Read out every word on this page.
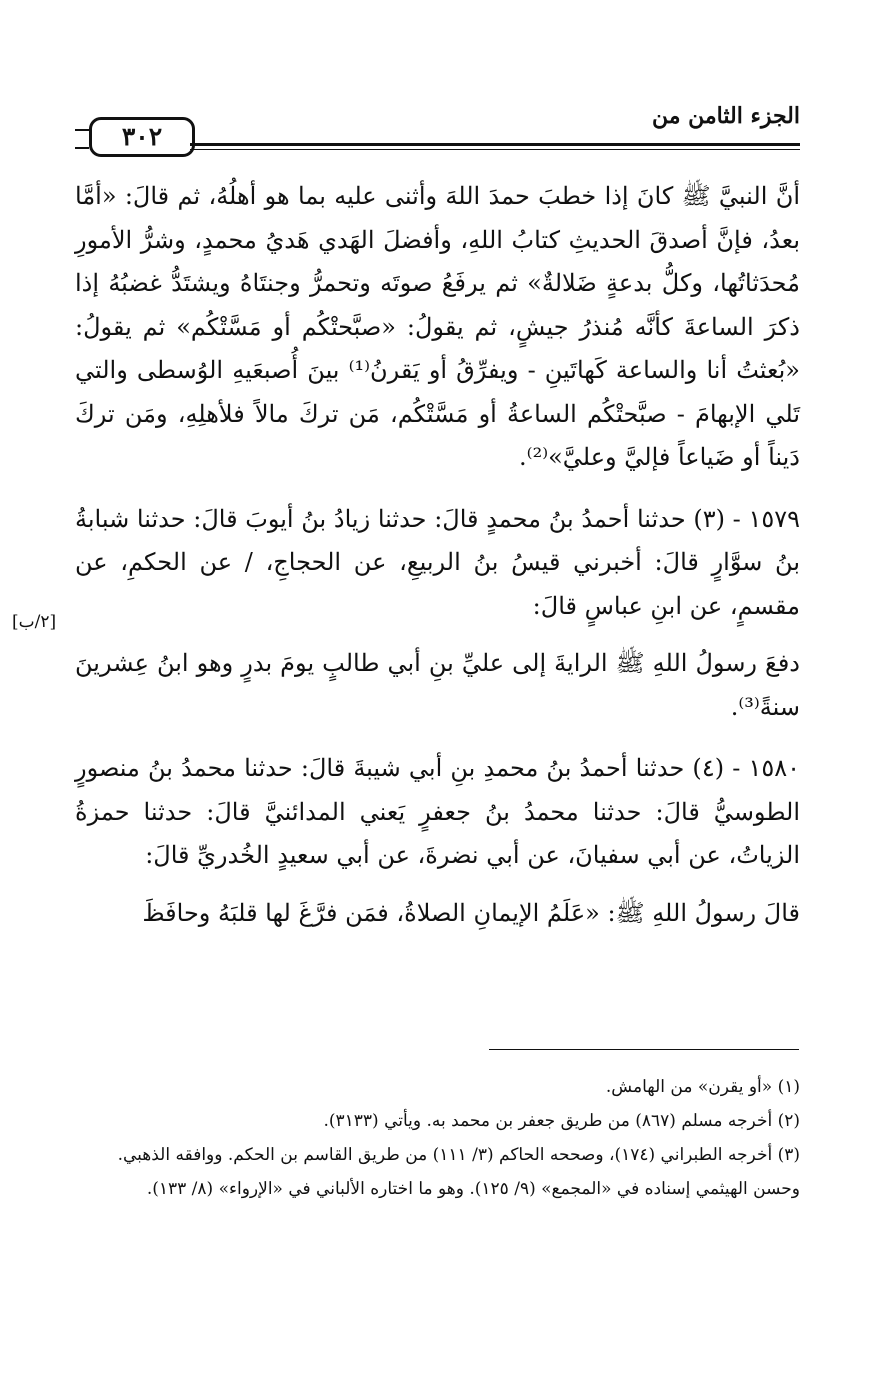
٣٠٢
الجزء الثامن من
[٢/ب]

أنَّ النبيَّ ﷺ كانَ إذا خطبَ حمدَ اللهَ وأثنى عليه بما هو أهلُهُ، ثم قالَ: «أمَّا بعدُ، فإنَّ أصدقَ الحديثِ كتابُ اللهِ، وأفضلَ الهَدي هَديُ محمدٍ، وشرُّ الأمورِ مُحدَثاتُها، وكلُّ بدعةٍ ضَلالةٌ» ثم يرفَعُ صوتَه وتحمرُّ وجنتَاهُ ويشتَدُّ غضبُهُ إذا ذكرَ الساعةَ كأنَّه مُنذرُ جيشٍ، ثم يقولُ: «صبَّحتْكُم أو مَسَّتْكُم» ثم يقولُ: «بُعثتُ أنا والساعة كَهاتَينِ - ويفرِّقُ أو يَقرنُ⁽¹⁾ بينَ أُصبعَيهِ الوُسطى والتي تَلي الإبهامَ - صبَّحتْكُم الساعةُ أو مَسَّتْكُم، مَن تركَ مالاً فلأهلِهِ، ومَن تركَ دَيناً أو ضَياعاً فإليَّ وعليَّ»⁽²⁾.

١٥٧٩ - (٣) حدثنا أحمدُ بنُ محمدٍ قالَ: حدثنا زيادُ بنُ أيوبَ قالَ: حدثنا شبابةُ بنُ سوَّارٍ قالَ: أخبرني قيسُ بنُ الربيعِ، عن الحجاجِ، / عن الحكمِ، عن مقسمٍ، عن ابنِ عباسٍ قالَ:

دفعَ رسولُ اللهِ ﷺ الرايةَ إلى عليِّ بنِ أبي طالبٍ يومَ بدرٍ وهو ابنُ عِشرينَ سنةً⁽³⁾.

١٥٨٠ - (٤) حدثنا أحمدُ بنُ محمدِ بنِ أبي شيبةَ قالَ: حدثنا محمدُ بنُ منصورٍ الطوسيُّ قالَ: حدثنا محمدُ بنُ جعفرٍ يَعني المدائنيَّ قالَ: حدثنا حمزةُ الزياتُ، عن أبي سفيانَ، عن أبي نضرةَ، عن أبي سعيدٍ الخُدريِّ قالَ:

قالَ رسولُ اللهِ ﷺ: «عَلَمُ الإيمانِ الصلاةُ، فمَن فرَّغَ لها قلبَهُ وحافَظَ

(١) «أو يقرن» من الهامش.

(٢) أخرجه مسلم (٨٦٧) من طريق جعفر بن محمد به. ويأتي (٣١٣٣).

(٣) أخرجه الطبراني (١٧٤)، وصححه الحاكم (٣/ ١١١) من طريق القاسم بن الحكم. ووافقه الذهبي. وحسن الهيثمي إسناده في «المجمع» (٩/ ١٢٥). وهو ما اختاره الألباني في «الإرواء» (٨/ ١٣٣).
